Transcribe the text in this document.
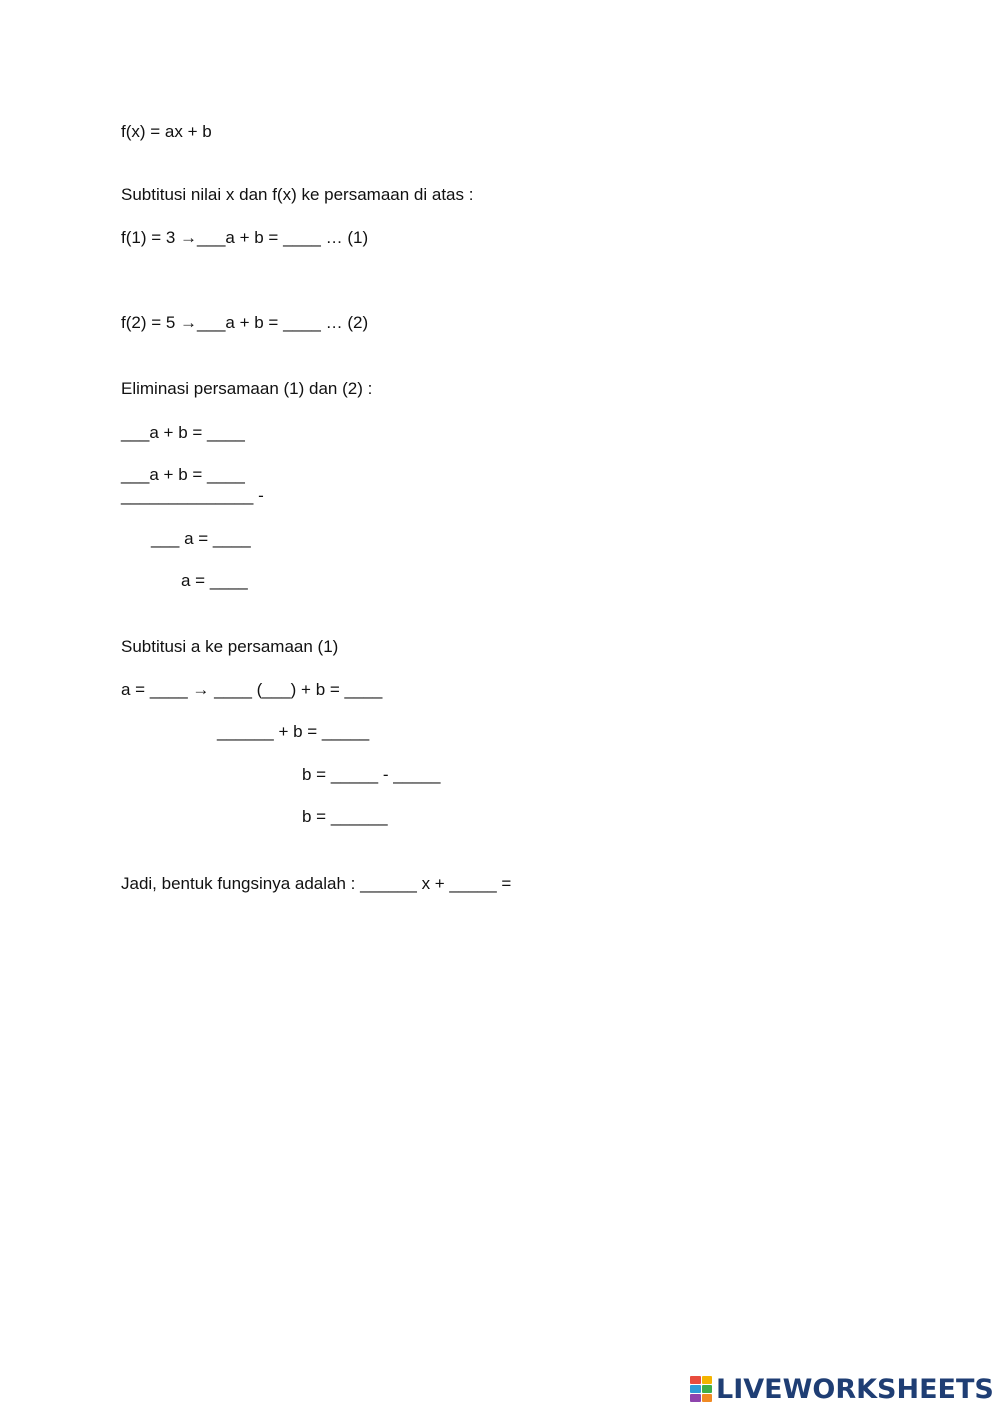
f(x) = ax + b

Subtitusi nilai x dan f(x) ke persamaan di atas :

f(1) = 3 →___a + b = ____ … (1)

f(2) = 5 →___a + b = ____ … (2)

Eliminasi persamaan (1) dan (2) :

___a + b = ____

___a + b = ____

______________ -

___ a = ____

a = ____

Subtitusi a ke persamaan (1)

a = ____ → ____ (___) + b = ____

______ + b = _____

b = _____ - _____

b = ______

Jadi, bentuk fungsinya adalah : ______ x + _____ =

LIVEWORKSHEETS
